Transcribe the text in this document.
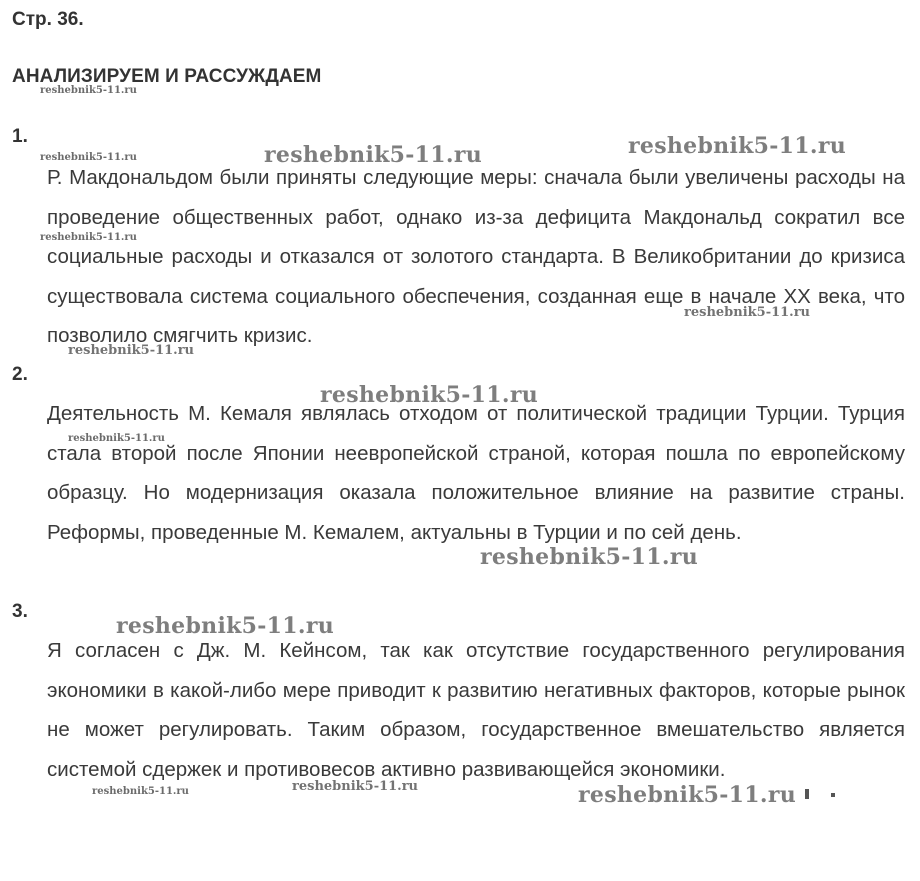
Стр. 36.
АНАЛИЗИРУЕМ И РАССУЖДАЕМ
1.

Р. Макдональдом были приняты следующие меры: сначала были увеличены расходы на проведение общественных работ, однако из-за дефицита Макдональд сократил все социальные расходы и отказался от золотого стандарта. В Великобритании до кризиса существовала система социального обеспечения, созданная еще в начале XX века, что позволило смягчить кризис.

2.

Деятельность М. Кемаля являлась отходом от политической традиции Турции. Турция стала второй после Японии неевропейской страной, которая пошла по европейскому образцу. Но модернизация оказала положительное влияние на развитие страны. Реформы, проведенные М. Кемалем, актуальны в Турции и по сей день.

3.

Я согласен с Дж. М. Кейнсом, так как отсутствие государственного регулирования экономики в какой-либо мере приводит к развитию негативных факторов, которые рынок не может регулировать. Таким образом, государственное вмешательство является системой сдержек и противовесов активно развивающейся экономики.

reshebnik5-11.ru
reshebnik5-11.ru	reshebnik5-11.ru	reshebnik5-11.ru
reshebnik5-11.ru
reshebnik5-11.ru
reshebnik5-11.ru
reshebnik5-11.ru
reshebnik5-11.ru
reshebnik5-11.ru
reshebnik5-11.ru
reshebnik5-11.ru	reshebnik5-11.ru	reshebnik5-11.ru
